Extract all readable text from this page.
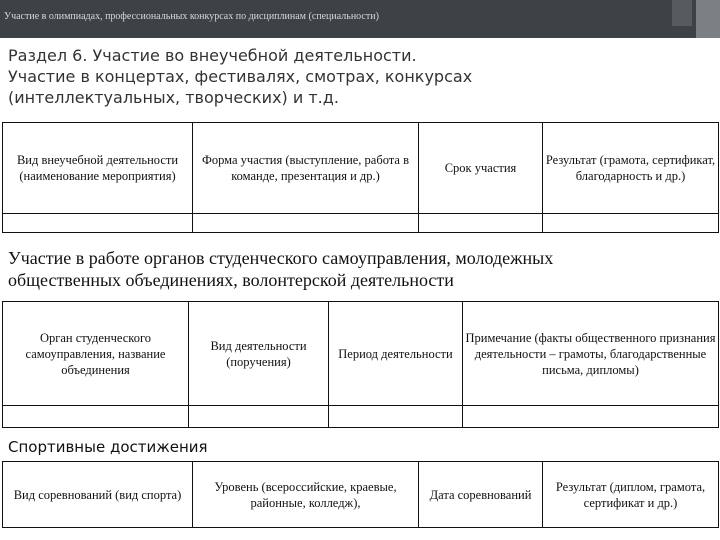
Участие в олимпиадах, профессиональных конкурсах по дисциплинам (специальности)
Раздел 6. Участие во внеучебной деятельности.
Участие в концертах, фестивалях, смотрах, конкурсах
(интеллектуальных, творческих) и т.д.
Вид внеучебной деятельности (наименование мероприятия)	Форма участия (выступление, работа в команде, презентация и др.)	Срок участия	Результат (грамота, сертификат, благодарность и др.)

Участие в работе органов студенческого самоуправления, молодежных
общественных объединениях, волонтерской деятельности
Орган студенческого самоуправления, название объединения	Вид деятельности (поручения)	Период деятельности	Примечание (факты общественного признания деятельности – грамоты, благодарственные письма, дипломы)

Спортивные достижения
Вид соревнований (вид спорта)	Уровень (всероссийские, краевые, районные, колледж),	Дата соревнований	Результат (диплом, грамота, сертификат и др.)
